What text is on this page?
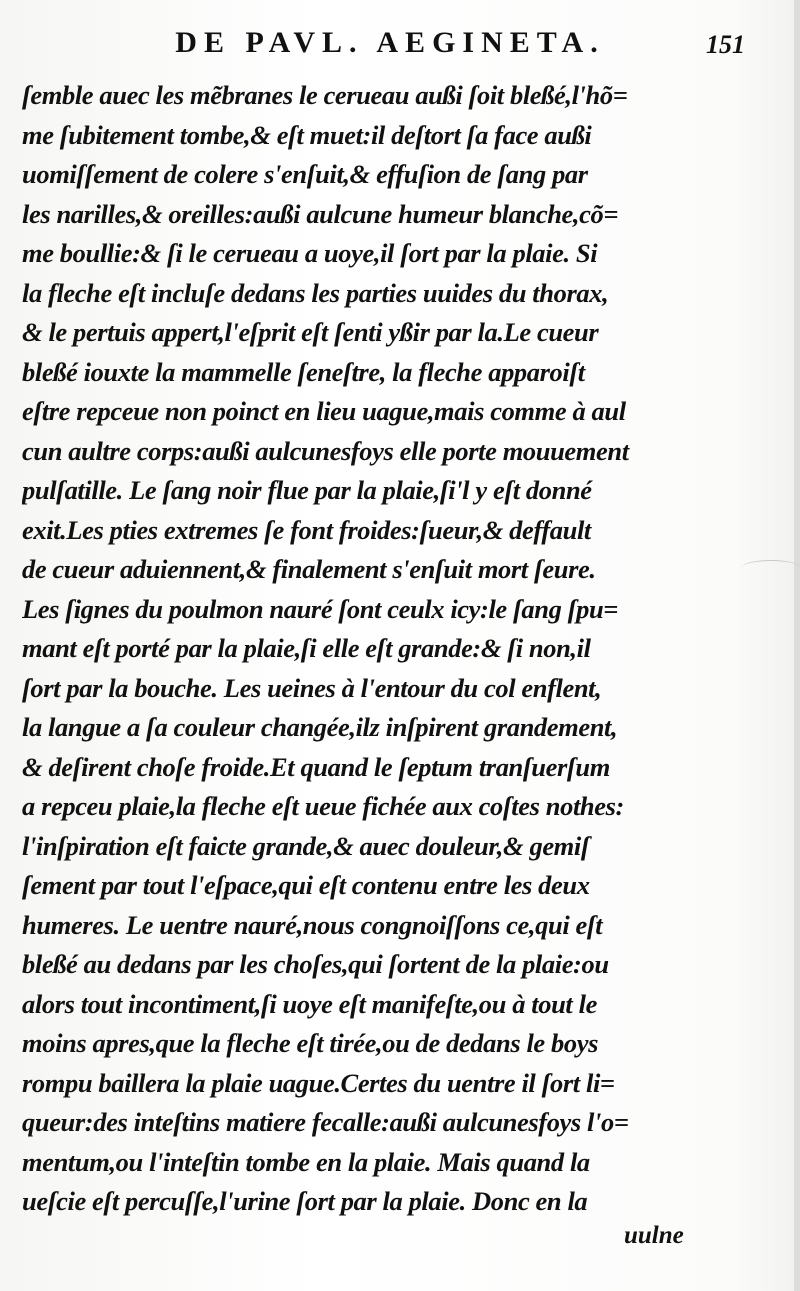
DE PAVL. AEGINETA.	151
ſemble auec les mẽbranes le cerueau außi ſoit bleßé,l'hõ=
me ſubitement tombe,& eſt muet:il deſtort ſa face außi
uomiſſement de colere s'enſuit,& effuſion de ſang par
les narilles,& oreilles:außi aulcune humeur blanche,cõ=
me boullie:& ſi le cerueau a uoye,il ſort par la plaie. Si
la fleche eſt incluſe dedans les parties uuides du thorax,
& le pertuis appert,l'eſprit eſt ſenti yßir par la.Le cueur
bleßé iouxte la mammelle ſeneſtre, la fleche apparoiſt
eſtre repceue non poinct en lieu uague,mais comme à aul
cun aultre corps:außi aulcunesfoys elle porte mouuement
pulſatille. Le ſang noir flue par la plaie,ſi'l y eſt donné
exit.Les pties extremes ſe font froides:ſueur,& deffault
de cueur aduiennent,& finalement s'enſuit mort ſeure.
Les ſignes du poulmon nauré ſont ceulx icy:le ſang ſpu=
mant eſt porté par la plaie,ſi elle eſt grande:& ſi non,il
ſort par la bouche. Les ueines à l'entour du col enflent,
la langue a ſa couleur changée,ilz inſpirent grandement,
& deſirent choſe froide.Et quand le ſeptum tranſuerſum
a repceu plaie,la fleche eſt ueue fichée aux coſtes nothes:
l'inſpiration eſt faicte grande,& auec douleur,& gemiſ
ſement par tout l'eſpace,qui eſt contenu entre les deux
humeres. Le uentre nauré,nous congnoiſſons ce,qui eſt
bleßé au dedans par les choſes,qui ſortent de la plaie:ou
alors tout incontiment,ſi uoye eſt manifeſte,ou à tout le
moins apres,que la fleche eſt tirée,ou de dedans le boys
rompu baillera la plaie uague.Certes du uentre il ſort li=
queur:des inteſtins matiere fecalle:außi aulcunesfoys l'o=
mentum,ou l'inteſtin tombe en la plaie. Mais quand la
ueſcie eſt percuſſe,l'urine ſort par la plaie. Donc en la
uulne
